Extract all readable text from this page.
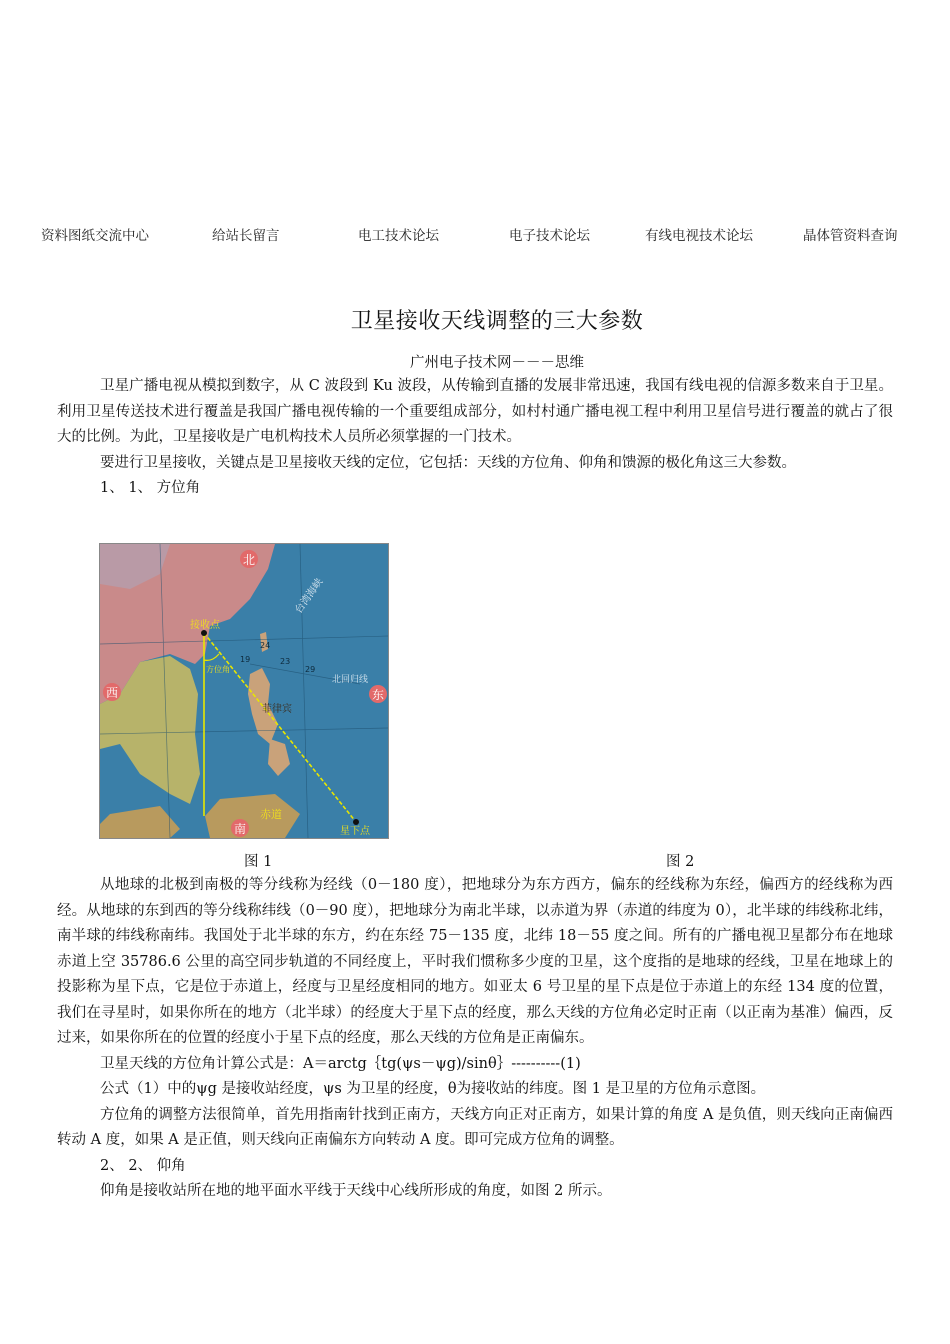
资料图纸交流中心	给站长留言	电工技术论坛	电子技术论坛	有线电视技术论坛	晶体管资料查询
卫星接收天线调整的三大参数
广州电子技术网－－－思维

卫星广播电视从模拟到数字，从 C 波段到 Ku 波段，从传输到直播的发展非常迅速，我国有线电视的信源多数来自于卫星。利用卫星传送技术进行覆盖是我国广播电视传输的一个重要组成部分，如村村通广播电视工程中利用卫星信号进行覆盖的就占了很大的比例。为此，卫星接收是广电机构技术人员所必须掌握的一门技术。

要进行卫星接收，关键点是卫星接收天线的定位，它包括：天线的方位角、仰角和馈源的极化角这三大参数。

1、 1、 方位角

北
东
西
南
接收点
方位角
赤道
星下点
台湾海峡
北回归线
菲律宾
24
29
19	23
图 1	图 2

从地球的北极到南极的等分线称为经线（0－180 度），把地球分为东方西方，偏东的经线称为东经，偏西方的经线称为西经。从地球的东到西的等分线称纬线（0－90 度），把地球分为南北半球，以赤道为界（赤道的纬度为 0），北半球的纬线称北纬，南半球的纬线称南纬。我国处于北半球的东方，约在东经 75－135 度，北纬 18－55 度之间。所有的广播电视卫星都分布在地球赤道上空 35786.6 公里的高空同步轨道的不同经度上，平时我们惯称多少度的卫星，这个度指的是地球的经线，卫星在地球上的投影称为星下点，它是位于赤道上，经度与卫星经度相同的地方。如亚太 6 号卫星的星下点是位于赤道上的东经 134 度的位置，我们在寻星时，如果你所在的地方（北半球）的经度大于星下点的经度，那么天线的方位角必定时正南（以正南为基准）偏西，反过来，如果你所在的位置的经度小于星下点的经度，那么天线的方位角是正南偏东。

卫星天线的方位角计算公式是：A＝arctg｛tg(ψs－ψg)/sinθ｝----------(1)

公式（1）中的ψg 是接收站经度，ψs 为卫星的经度，θ为接收站的纬度。图 1 是卫星的方位角示意图。

方位角的调整方法很简单，首先用指南针找到正南方，天线方向正对正南方，如果计算的角度 A 是负值，则天线向正南偏西转动 A 度，如果 A 是正值，则天线向正南偏东方向转动 A 度。即可完成方位角的调整。

2、 2、 仰角

仰角是接收站所在地的地平面水平线于天线中心线所形成的角度，如图 2 所示。
